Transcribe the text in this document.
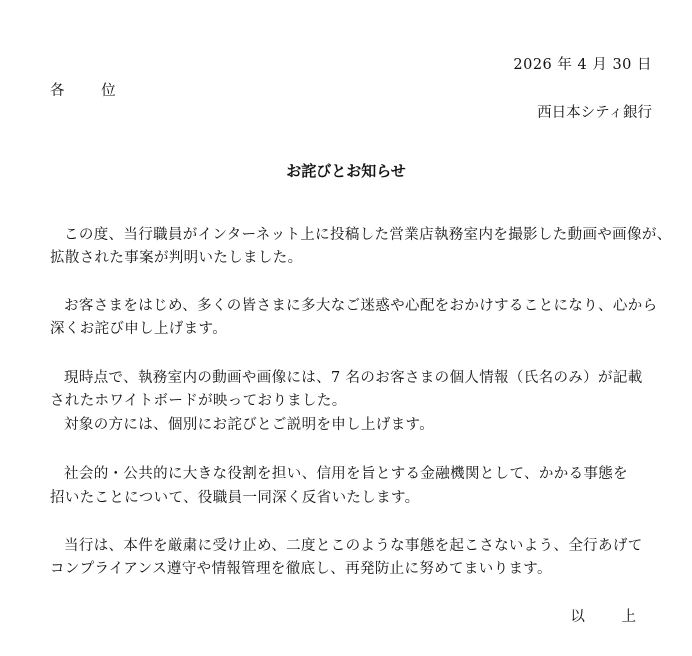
2026 年 4 月 30 日
各 位
西日本シティ銀行
お詫びとお知らせ
この度、当行職員がインターネット上に投稿した営業店執務室内を撮影した動画や画像が、
拡散された事案が判明いたしました。
お客さまをはじめ、多くの皆さまに多大なご迷惑や心配をおかけすることになり、心から
深くお詫び申し上げます。
現時点で、執務室内の動画や画像には、7 名のお客さまの個人情報（氏名のみ）が記載
されたホワイトボードが映っておりました。
対象の方には、個別にお詫びとご説明を申し上げます。
社会的・公共的に大きな役割を担い、信用を旨とする金融機関として、かかる事態を
招いたことについて、役職員一同深く反省いたします。
当行は、本件を厳粛に受け止め、二度とこのような事態を起こさないよう、全行あげて
コンプライアンス遵守や情報管理を徹底し、再発防止に努めてまいります。
以 上
